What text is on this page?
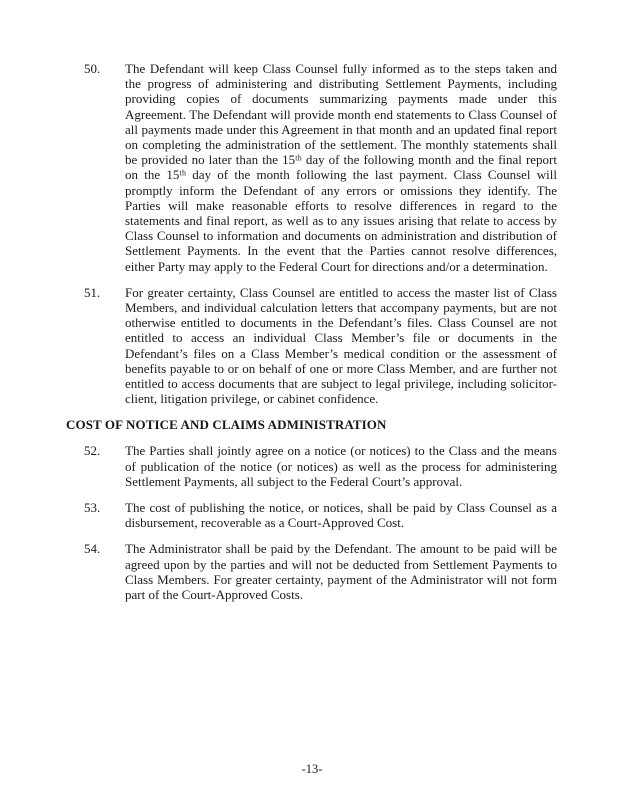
50.	The Defendant will keep Class Counsel fully informed as to the steps taken and the progress of administering and distributing Settlement Payments, including providing copies of documents summarizing payments made under this Agreement. The Defendant will provide month end statements to Class Counsel of all payments made under this Agreement in that month and an updated final report on completing the administration of the settlement. The monthly statements shall be provided no later than the 15ᵗʰ day of the following month and the final report on the 15ᵗʰ day of the month following the last payment. Class Counsel will promptly inform the Defendant of any errors or omissions they identify. The Parties will make reasonable efforts to resolve differences in regard to the statements and final report, as well as to any issues arising that relate to access by Class Counsel to information and documents on administration and distribution of Settlement Payments. In the event that the Parties cannot resolve differences, either Party may apply to the Federal Court for directions and/or a determination.
51.	For greater certainty, Class Counsel are entitled to access the master list of Class Members, and individual calculation letters that accompany payments, but are not otherwise entitled to documents in the Defendant’s files. Class Counsel are not entitled to access an individual Class Member’s file or documents in the Defendant’s files on a Class Member’s medical condition or the assessment of benefits payable to or on behalf of one or more Class Member, and are further not entitled to access documents that are subject to legal privilege, including solicitor-client, litigation privilege, or cabinet confidence.
COST OF NOTICE AND CLAIMS ADMINISTRATION
52.	The Parties shall jointly agree on a notice (or notices) to the Class and the means of publication of the notice (or notices) as well as the process for administering Settlement Payments, all subject to the Federal Court’s approval.
53.	The cost of publishing the notice, or notices, shall be paid by Class Counsel as a disbursement, recoverable as a Court-Approved Cost.
54.	The Administrator shall be paid by the Defendant. The amount to be paid will be agreed upon by the parties and will not be deducted from Settlement Payments to Class Members. For greater certainty, payment of the Administrator will not form part of the Court-Approved Costs.
-13-
